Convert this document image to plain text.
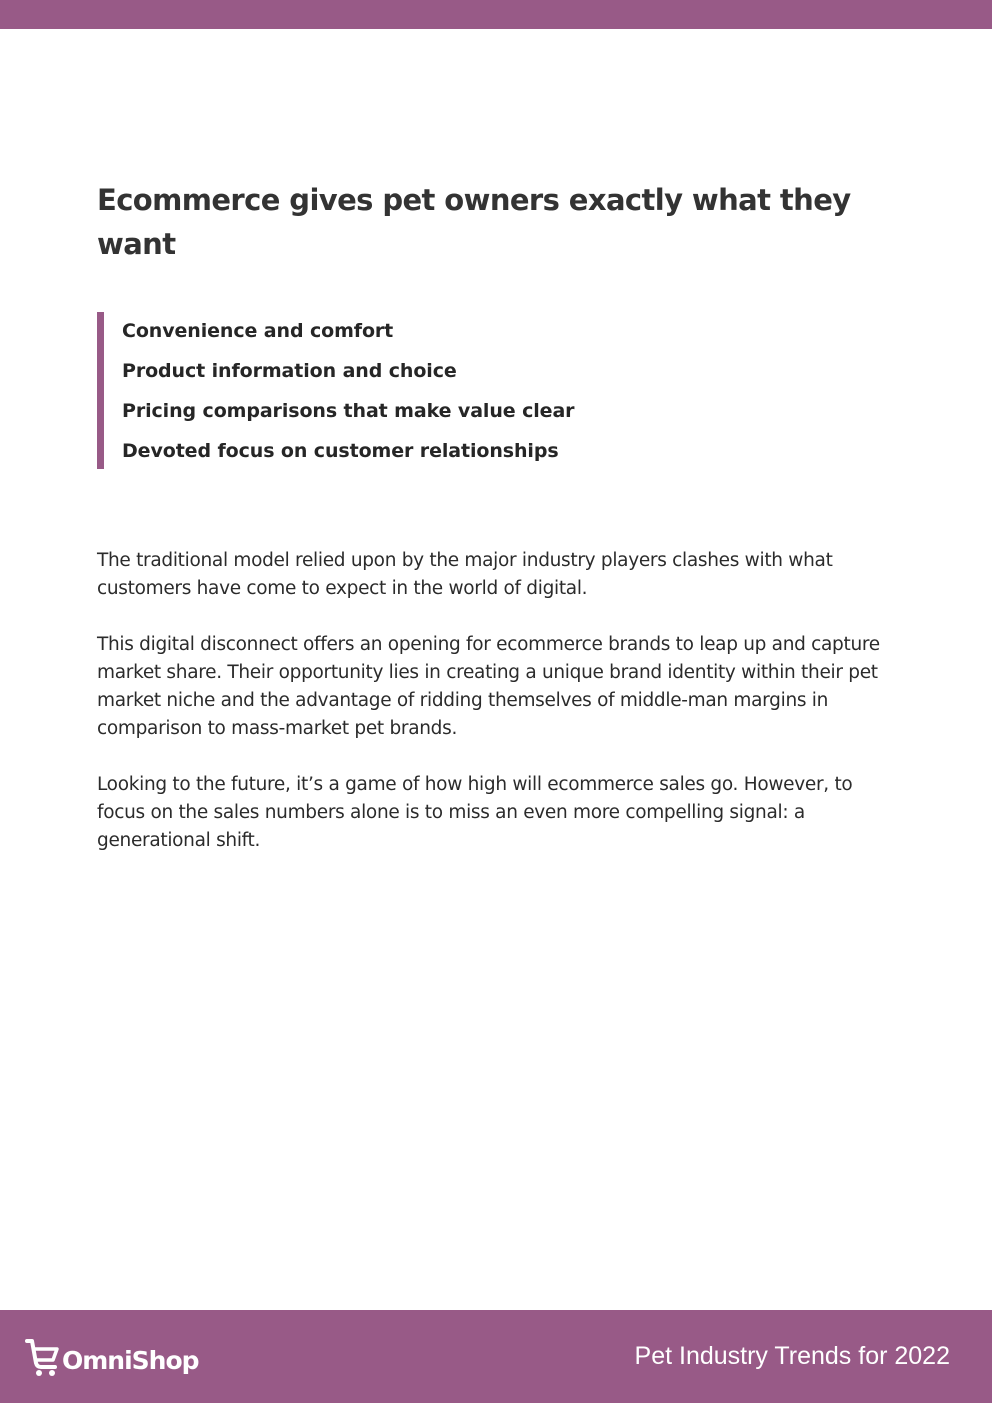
Ecommerce gives pet owners exactly what they want
Convenience and comfort
Product information and choice
Pricing comparisons that make value clear
Devoted focus on customer relationships

The traditional model relied upon by the major industry players clashes with what customers have come to expect in the world of digital.

This digital disconnect offers an opening for ecommerce brands to leap up and capture market share. Their opportunity lies in creating a unique brand identity within their pet market niche and the advantage of ridding themselves of middle-man margins in comparison to mass-market pet brands.

Looking to the future, it’s a game of how high will ecommerce sales go. However, to focus on the sales numbers alone is to miss an even more compelling signal: a generational shift.

OmniShop	Pet Industry Trends for 2022
